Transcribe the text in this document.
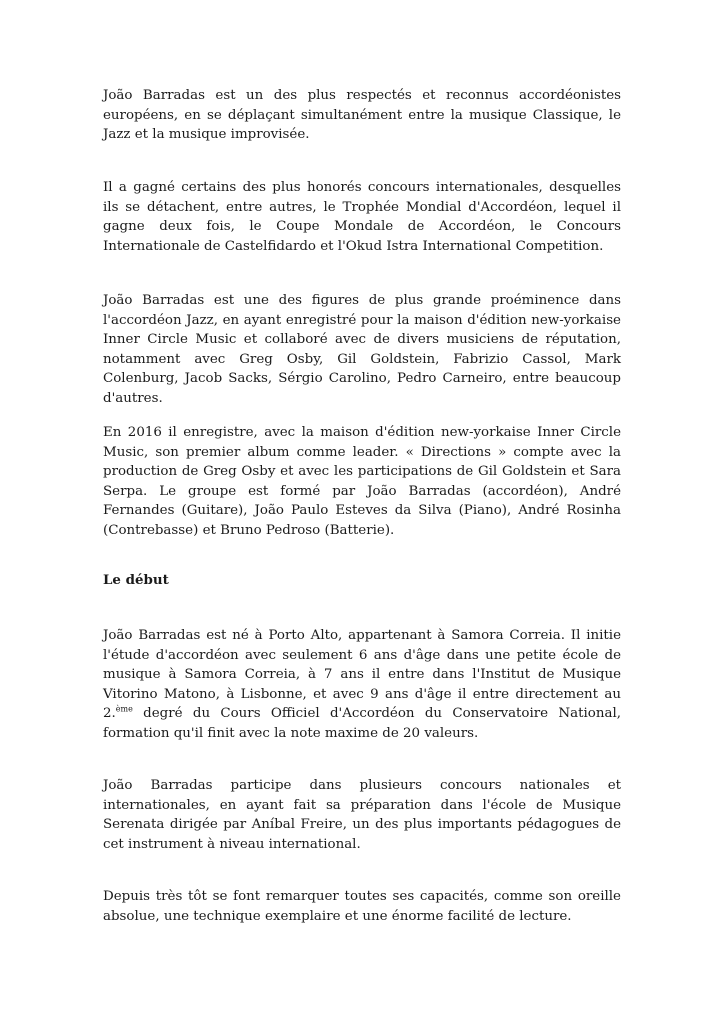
João Barradas est un des plus respectés et reconnus accordéonistes européens, en se déplaçant simultanément entre la musique Classique, le Jazz et la musique improvisée.

Il a gagné certains des plus honorés concours internationales, desquelles ils se détachent, entre autres, le Trophée Mondial d'Accordéon, lequel il gagne deux fois, le Coupe Mondale de Accordéon, le Concours Internationale de Castelfidardo et l'Okud Istra International Competition.

João Barradas est une des figures de plus grande proéminence dans l'accordéon Jazz, en ayant enregistré pour la maison d'édition new-yorkaise Inner Circle Music et collaboré avec de divers musiciens de réputation, notamment avec Greg Osby, Gil Goldstein, Fabrizio Cassol, Mark Colenburg, Jacob Sacks, Sérgio Carolino, Pedro Carneiro, entre beaucoup d'autres.

En 2016 il enregistre, avec la maison d'édition new-yorkaise Inner Circle Music, son premier album comme leader. « Directions » compte avec la production de Greg Osby et avec les participations de Gil Goldstein et Sara Serpa. Le groupe est formé par João Barradas (accordéon), André Fernandes (Guitare), João Paulo Esteves da Silva (Piano), André Rosinha (Contrebasse) et Bruno Pedroso (Batterie).

Le début

João Barradas est né à Porto Alto, appartenant à Samora Correia. Il initie l'étude d'accordéon avec seulement 6 ans d'âge dans une petite école de musique à Samora Correia, à 7 ans il entre dans l'Institut de Musique Vitorino Matono, à Lisbonne, et avec 9 ans d'âge il entre directement au 2.$^{ème}$ degré du Cours Officiel d'Accordéon du Conservatoire National, formation qu'il finit avec la note maxime de 20 valeurs.

João Barradas participe dans plusieurs concours nationales et internationales, en ayant fait sa préparation dans l'école de Musique Serenata dirigée par Aníbal Freire, un des plus importants pédagogues de cet instrument à niveau international.

Depuis très tôt se font remarquer toutes ses capacités, comme son oreille absolue, une technique exemplaire et une énorme facilité de lecture.
